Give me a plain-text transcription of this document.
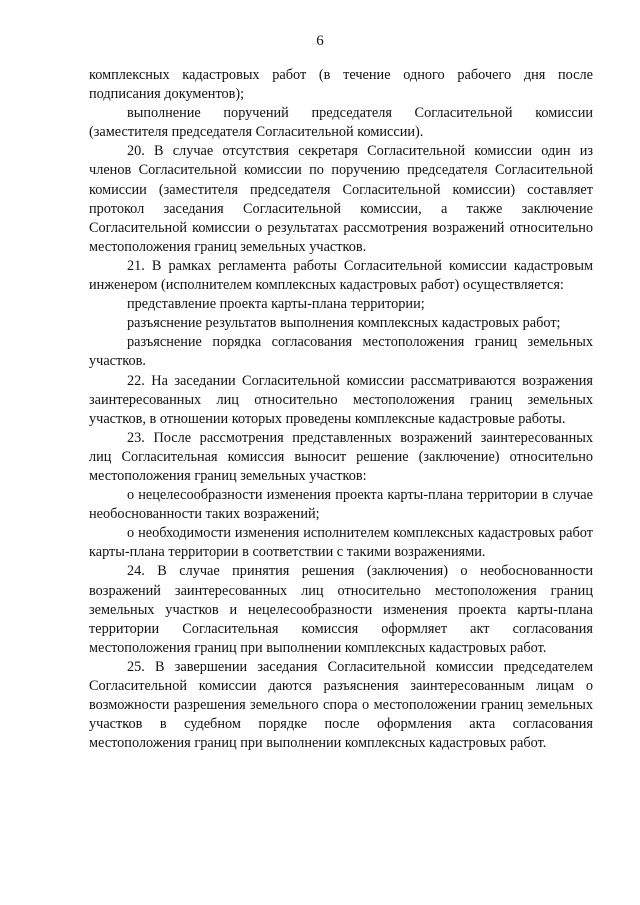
6

комплексных кадастровых работ (в течение одного рабочего дня после подписания документов);

выполнение поручений председателя Согласительной комиссии (заместителя председателя Согласительной комиссии).

20. В случае отсутствия секретаря Согласительной комиссии один из членов Согласительной комиссии по поручению председателя Согласительной комиссии (заместителя председателя Согласительной комиссии) составляет протокол заседания Согласительной комиссии, а также заключение Согласительной комиссии о результатах рассмотрения возражений относительно местоположения границ земельных участков.

21. В рамках регламента работы Согласительной комиссии кадастровым инженером (исполнителем комплексных кадастровых работ) осуществляется:

представление проекта карты-плана территории;

разъяснение результатов выполнения комплексных кадастровых работ;

разъяснение порядка согласования местоположения границ земельных участков.

22. На заседании Согласительной комиссии рассматриваются возражения заинтересованных лиц относительно местоположения границ земельных участков, в отношении которых проведены комплексные кадастровые работы.

23. После рассмотрения представленных возражений заинтересованных лиц Согласительная комиссия выносит решение (заключение) относительно местоположения границ земельных участков:

о нецелесообразности изменения проекта карты-плана территории в случае необоснованности таких возражений;

о необходимости изменения исполнителем комплексных кадастровых работ карты-плана территории в соответствии с такими возражениями.

24. В случае принятия решения (заключения) о необоснованности возражений заинтересованных лиц относительно местоположения границ земельных участков и нецелесообразности изменения проекта карты-плана территории Согласительная комиссия оформляет акт согласования местоположения границ при выполнении комплексных кадастровых работ.

25. В завершении заседания Согласительной комиссии председателем Согласительной комиссии даются разъяснения заинтересованным лицам о возможности разрешения земельного спора о местоположении границ земельных участков в судебном порядке после оформления акта согласования местоположения границ при выполнении комплексных кадастровых работ.
